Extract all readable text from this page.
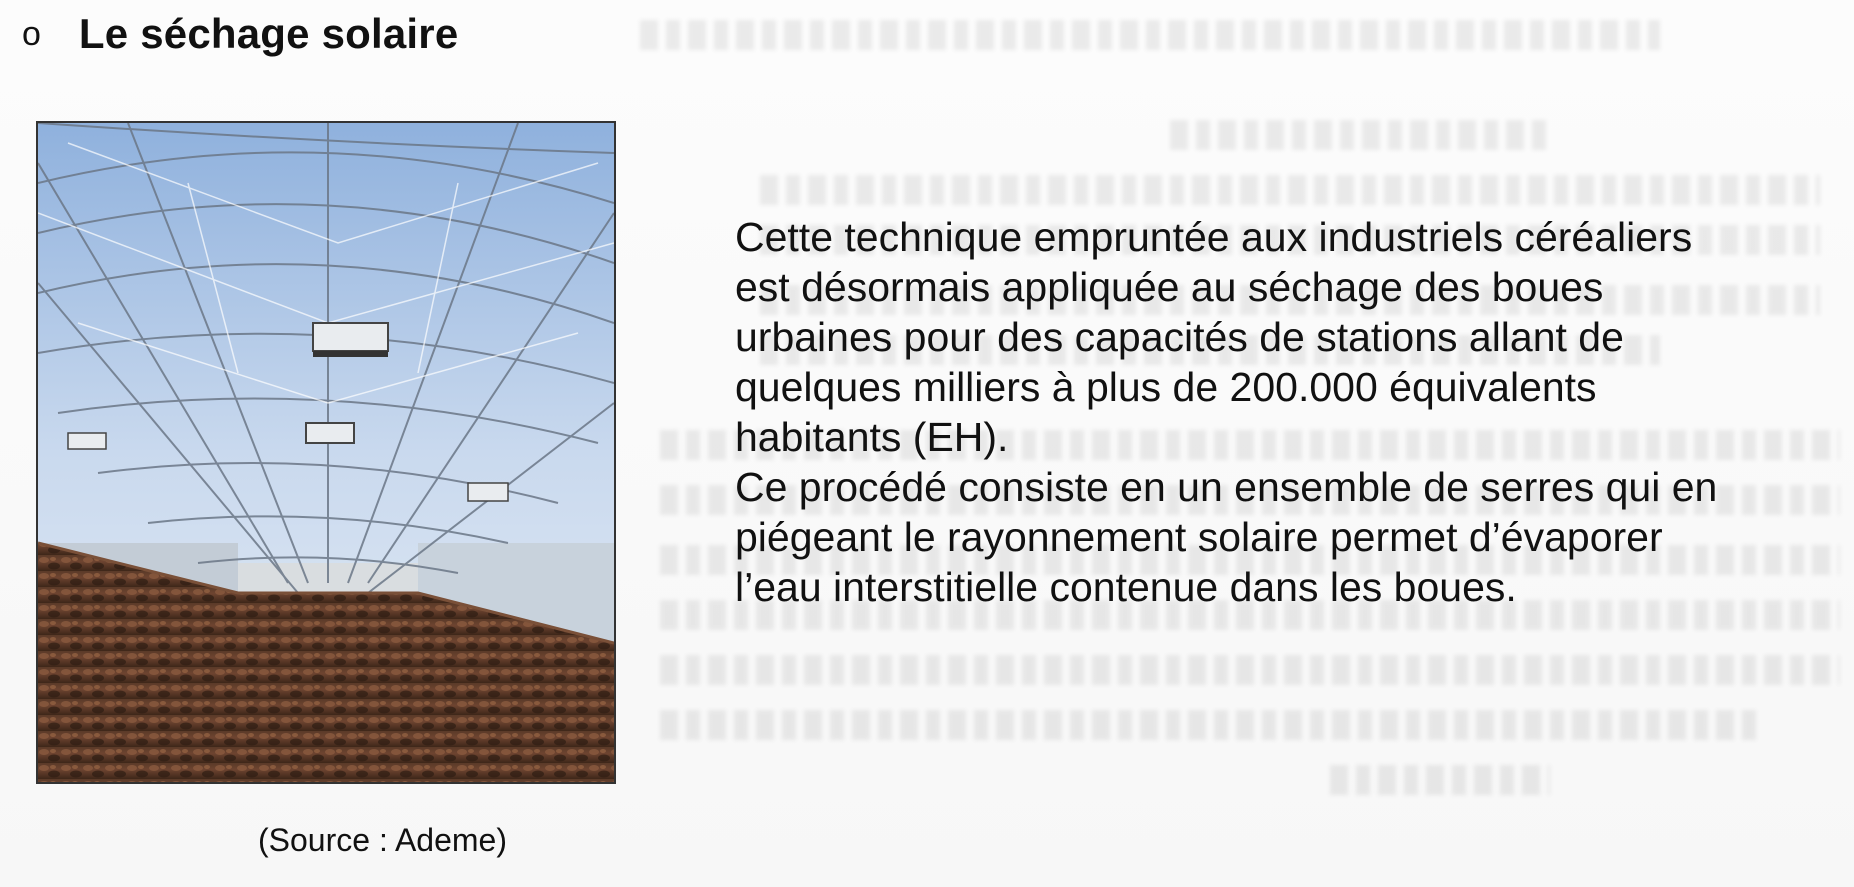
o Le séchage solaire
(Source : Ademe)

Cette technique empruntée aux industriels céréaliers
est désormais appliquée au séchage des boues
urbaines pour des capacités de stations allant de
quelques milliers à plus de 200.000 équivalents
habitants (EH).

Ce procédé consiste en un ensemble de serres qui en
piégeant le rayonnement solaire permet d’évaporer
l’eau interstitielle contenue dans les boues.
